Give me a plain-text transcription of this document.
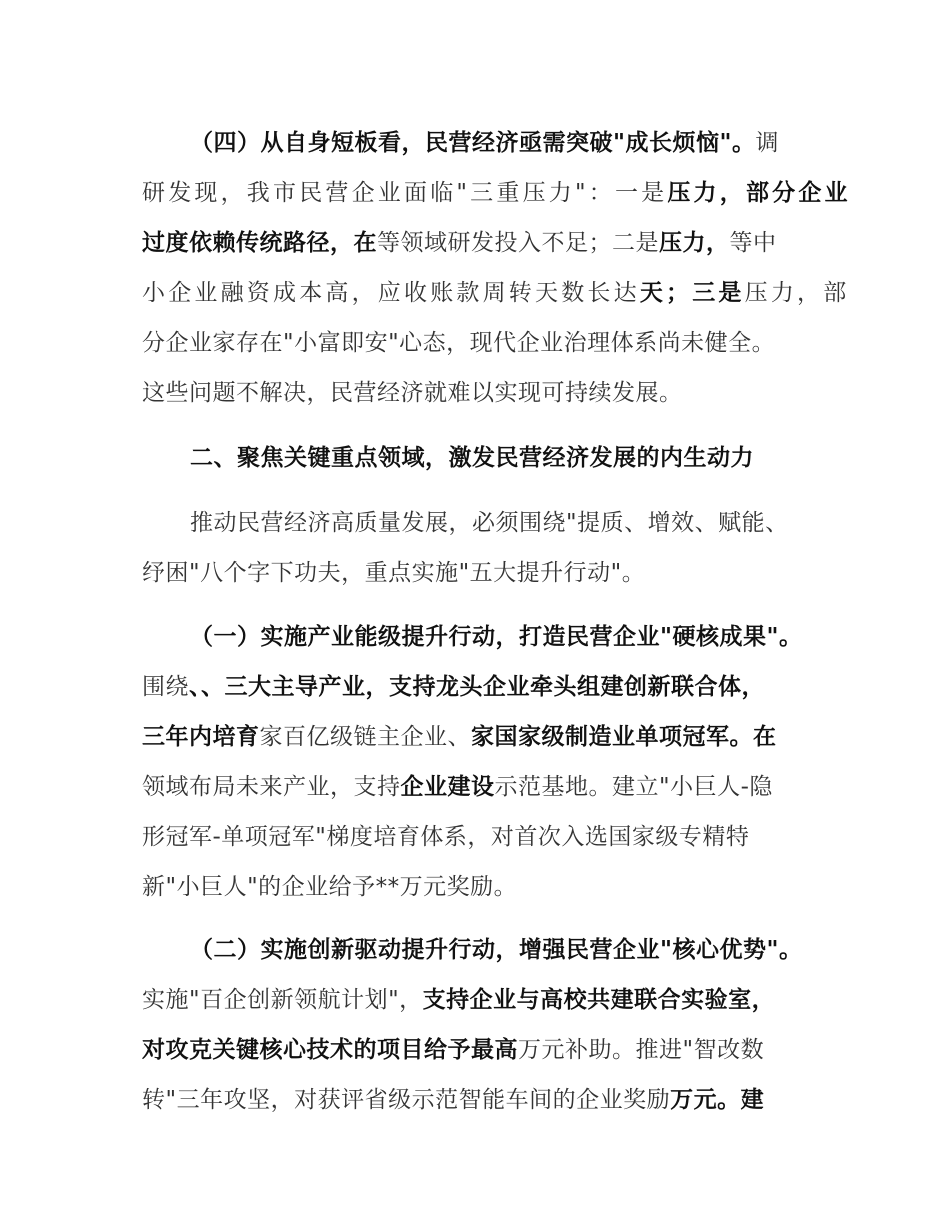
（四）从自身短板看，民营经济亟需突破"成长烦恼"。调
研发现，我市民营企业面临"三重压力"：一是压力，部分企业
过度依赖传统路径，在等领域研发投入不足；二是压力，等中
小企业融资成本高，应收账款周转天数长达天；三是压力，部
分企业家存在"小富即安"心态，现代企业治理体系尚未健全。
这些问题不解决，民营经济就难以实现可持续发展。
二、聚焦关键重点领域，激发民营经济发展的内生动力
推动民营经济高质量发展，必须围绕"提质、增效、赋能、
纾困"八个字下功夫，重点实施"五大提升行动"。
（一）实施产业能级提升行动，打造民营企业"硬核成果"。
围绕、、三大主导产业，支持龙头企业牵头组建创新联合体，
三年内培育家百亿级链主企业、家国家级制造业单项冠军。在
领域布局未来产业，支持企业建设示范基地。建立"小巨人-隐
形冠军-单项冠军"梯度培育体系，对首次入选国家级专精特
新"小巨人"的企业给予**万元奖励。
（二）实施创新驱动提升行动，增强民营企业"核心优势"。
实施"百企创新领航计划"，支持企业与高校共建联合实验室，
对攻克关键核心技术的项目给予最高万元补助。推进"智改数
转"三年攻坚，对获评省级示范智能车间的企业奖励万元。建
